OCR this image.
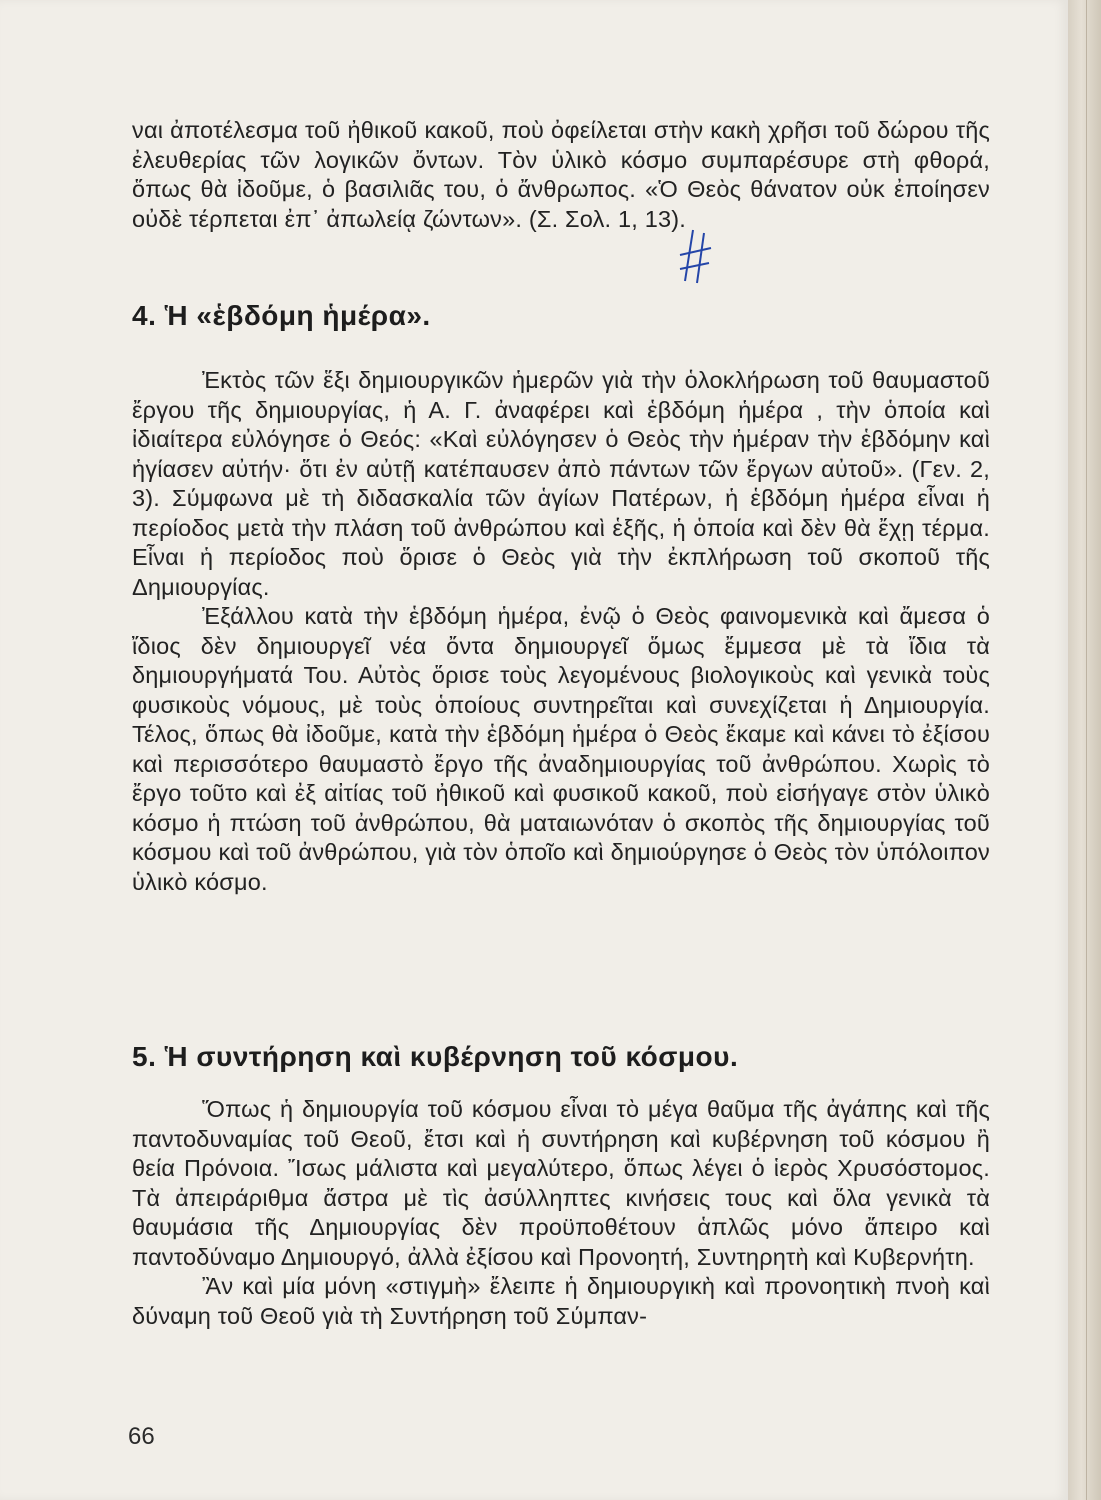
ναι ἀποτέλεσμα τοῦ ἠθικοῦ κακοῦ, ποὺ ὀφείλεται στὴν κακὴ χρῆσι τοῦ δώρου τῆς ἐλευθερίας τῶν λογικῶν ὄντων. Τὸν ὑλικὸ κόσμο συμπαρέσυρε στὴ φθορά, ὅπως θὰ ἰδοῦμε, ὁ βασιλιᾶς του, ὁ ἄνθρωπος. «Ὁ Θεὸς θάνατον οὐκ ἐποίησεν οὐδὲ τέρπεται ἐπ᾽ ἀπωλείᾳ ζώντων». (Σ. Σολ. 1, 13).

4. Ἡ «ἑβδόμη ἡμέρα».

Ἐκτὸς τῶν ἕξι δημιουργικῶν ἡμερῶν γιὰ τὴν ὁλοκλήρωση τοῦ θαυμαστοῦ ἔργου τῆς δημιουργίας, ἡ Α. Γ. ἀναφέρει καὶ ἑβδόμη ἡμέρα , τὴν ὁποία καὶ ἰδιαίτερα εὐλόγησε ὁ Θεός: «Καὶ εὐλόγησεν ὁ Θεὸς τὴν ἡμέραν τὴν ἑβδόμην καὶ ἡγίασεν αὐτήν· ὅτι ἐν αὐτῇ κατέπαυσεν ἀπὸ πάντων τῶν ἔργων αὐτοῦ». (Γεν. 2, 3). Σύμφωνα μὲ τὴ διδασκαλία τῶν ἁγίων Πατέρων, ἡ ἑβδόμη ἡμέρα εἶναι ἡ περίοδος μετὰ τὴν πλάση τοῦ ἀνθρώπου καὶ ἑξῆς, ἡ ὁποία καὶ δὲν θὰ ἔχῃ τέρμα. Εἶναι ἡ περίοδος ποὺ ὅρισε ὁ Θεὸς γιὰ τὴν ἐκπλήρωση τοῦ σκοποῦ τῆς Δημιουργίας.

Ἐξάλλου κατὰ τὴν ἑβδόμη ἡμέρα, ἐνῷ ὁ Θεὸς φαινομενικὰ καὶ ἄμεσα ὁ ἴδιος δὲν δημιουργεῖ νέα ὄντα δημιουργεῖ ὅμως ἔμμεσα μὲ τὰ ἴδια τὰ δημιουργήματά Του. Αὐτὸς ὅρισε τοὺς λεγομένους βιολογικοὺς καὶ γενικὰ τοὺς φυσικοὺς νόμους, μὲ τοὺς ὁποίους συντηρεῖται καὶ συνεχίζεται ἡ Δημιουργία. Τέλος, ὅπως θὰ ἰδοῦμε, κατὰ τὴν ἑβδόμη ἡμέρα ὁ Θεὸς ἔκαμε καὶ κάνει τὸ ἐξίσου καὶ περισσότερο θαυμαστὸ ἔργο τῆς ἀναδημιουργίας τοῦ ἀνθρώπου. Χωρὶς τὸ ἔργο τοῦτο καὶ ἐξ αἰτίας τοῦ ἠθικοῦ καὶ φυσικοῦ κακοῦ, ποὺ εἰσήγαγε στὸν ὑλικὸ κόσμο ἡ πτώση τοῦ ἀνθρώπου, θὰ ματαιωνόταν ὁ σκοπὸς τῆς δημιουργίας τοῦ κόσμου καὶ τοῦ ἀνθρώπου, γιὰ τὸν ὁποῖο καὶ δημιούργησε ὁ Θεὸς τὸν ὑπόλοιπον ὑλικὸ κόσμο.

5. Ἡ συντήρηση καὶ κυβέρνηση τοῦ κόσμου.

Ὅπως ἡ δημιουργία τοῦ κόσμου εἶναι τὸ μέγα θαῦμα τῆς ἀγάπης καὶ τῆς παντοδυναμίας τοῦ Θεοῦ, ἔτσι καὶ ἡ συντήρηση καὶ κυβέρνηση τοῦ κόσμου ἢ θεία Πρόνοια. Ἴσως μάλιστα καὶ μεγαλύτερο, ὅπως λέγει ὁ ἱερὸς Χρυσόστομος. Τὰ ἀπειράριθμα ἄστρα μὲ τὶς ἀσύλληπτες κινήσεις τους καὶ ὅλα γενικὰ τὰ θαυμάσια τῆς Δημιουργίας δὲν προϋποθέτουν ἁπλῶς μόνο ἄπειρο καὶ παντοδύναμο Δημιουργό, ἀλλὰ ἐξίσου καὶ Προνοητή, Συντηρητὴ καὶ Κυβερνήτη.

Ἂν καὶ μία μόνη «στιγμὴ» ἔλειπε ἡ δημιουργικὴ καὶ προνοητικὴ πνοὴ καὶ δύναμη τοῦ Θεοῦ γιὰ τὴ Συντήρηση τοῦ Σύμπαν-

66
